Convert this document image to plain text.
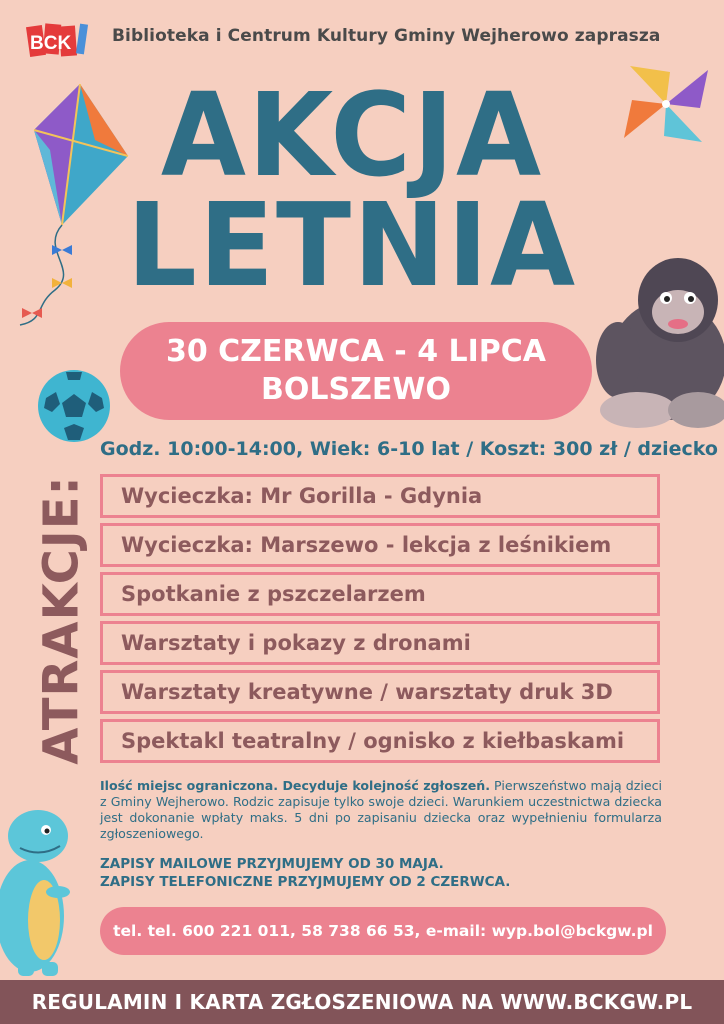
BCK Biblioteka i Centrum Kultury Gminy Wejherowo zaprasza
AKCJA
LETNIA
30 CZERWCA - 4 LIPCA
BOLSZEWO
Godz. 10:00-14:00, Wiek: 6-10 lat / Koszt: 300 zł / dziecko
ATRAKCJE:	Wycieczka: Mr Gorilla - Gdynia
Wycieczka: Marszewo - lekcja z leśnikiem
Spotkanie z pszczelarzem
Warsztaty i pokazy z dronami
Warsztaty kreatywne / warsztaty druk 3D
Spektakl teatralny / ognisko z kiełbaskami
Ilość miejsc ograniczona. Decyduje kolejność zgłoszeń. Pierwszeństwo mają dzieci z Gminy Wejherowo. Rodzic zapisuje tylko swoje dzieci. Warunkiem uczestnictwa dziecka jest dokonanie wpłaty maks. 5 dni po zapisaniu dziecka oraz wypełnieniu formularza zgłoszeniowego.
ZAPISY MAILOWE PRZYJMUJEMY OD 30 MAJA.
ZAPISY TELEFONICZNE PRZYJMUJEMY OD 2 CZERWCA.
tel. tel. 600 221 011, 58 738 66 53, e-mail: wyp.bol@bckgw.pl
REGULAMIN I KARTA ZGŁOSZENIOWA NA WWW.BCKGW.PL
